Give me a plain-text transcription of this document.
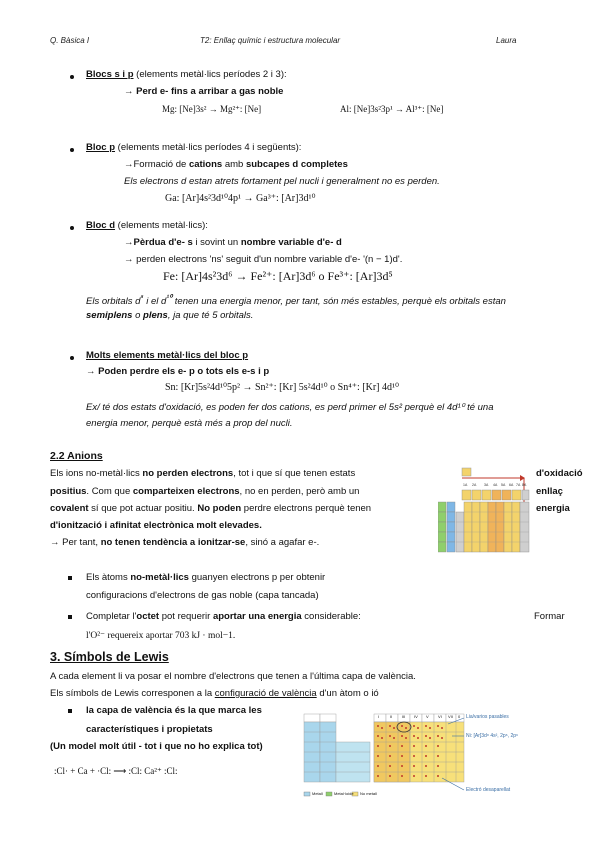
Q. Bàsica I	T2: Enllaç químic i estructura molecular	Laura
Blocs s i p (elements metàl·lics períodes 2 i 3):
→ Perd e- fins a arribar a gas noble
Mg: [Ne]3s² → Mg²⁺: [Ne]	Al: [Ne]3s²3p¹ → Al³⁺: [Ne]
Bloc p (elements metàl·lics períodes 4 i següents):
→Formació de cations amb subcapes d completes
Els electrons d estan atrets fortament pel nucli i generalment no es perden.
Ga: [Ar]4s²3d¹⁰4p¹ → Ga³⁺: [Ar]3d¹⁰
Bloc d (elements metàl·lics):
→Pèrdua d'e- s i sovint un nombre variable d'e- d
→ perden electrons 'ns' seguit d'un nombre variable d'e- '(n − 1)d'.
Fe: [Ar]4s²3d⁶ → Fe²⁺: [Ar]3d⁶ o Fe³⁺: [Ar]3d⁵
Els orbitals $d^{^5}$ i el $d^{^{10}}$ tenen una energia menor, per tant, són més estables, perquè els orbitals estan
semiplens o plens, ja que té 5 orbitals.
Molts elements metàl·lics del bloc p
→ Poden perdre els e- p o tots els e-s i p
Sn: [Kr]5s²4d¹⁰5p² → Sn²⁺: [Kr] 5s²4d¹⁰ o Sn⁴⁺: [Kr] 4d¹⁰
Ex/ té dos estats d'oxidació, es poden fer dos cations, es perd primer el 5s² perquè el 4d¹⁰ té una
energia menor, perquè està més a prop del nucli.
2.2 Anions
Els ions no-metàl·lics no perden electrons, tot i que sí que tenen estats	d'oxidació
positius. Com que comparteixen electrons, no en perden, però amb un	enllaç
covalent sí que pot actuar positiu. No poden perdre electrons perquè tenen	energia
d'ionització i afinitat electrònica molt elevades.
→ Per tant, no tenen tendència a ionitzar-se, sinó a agafar e-.
Els àtoms no-metàl·lics guanyen electrons p per obtenir
configuracions d'electrons de gas noble (capa tancada)
Completar l'octet pot requerir aportar una energia considerable:	Formar
l'O²⁻ requereix aportar 703 kJ · mol−1.
1A 2A 3A 4A 5A 6A 7A 8A
3. Símbols de Lewis
A cada element li va posar el nombre d'electrons que tenen a l'última capa de valència.
Els símbols de Lewis corresponen a la configuració de valència d'un àtom o ió
la capa de valència és la que marca les
característiques i propietats
(Un model molt útil - tot i que no ho explica tot)
:Cl· + Ca + ·Cl: ⟶ :Cl: Ca²⁺ :Cl:
I	II III IV V VI VII 0 Lia/varios pasables
Ni: [Ar]3d⁸ 4s², 2p⁶, 2p⁶
Electró desaparellat
Metall	Metal·loide No metall
